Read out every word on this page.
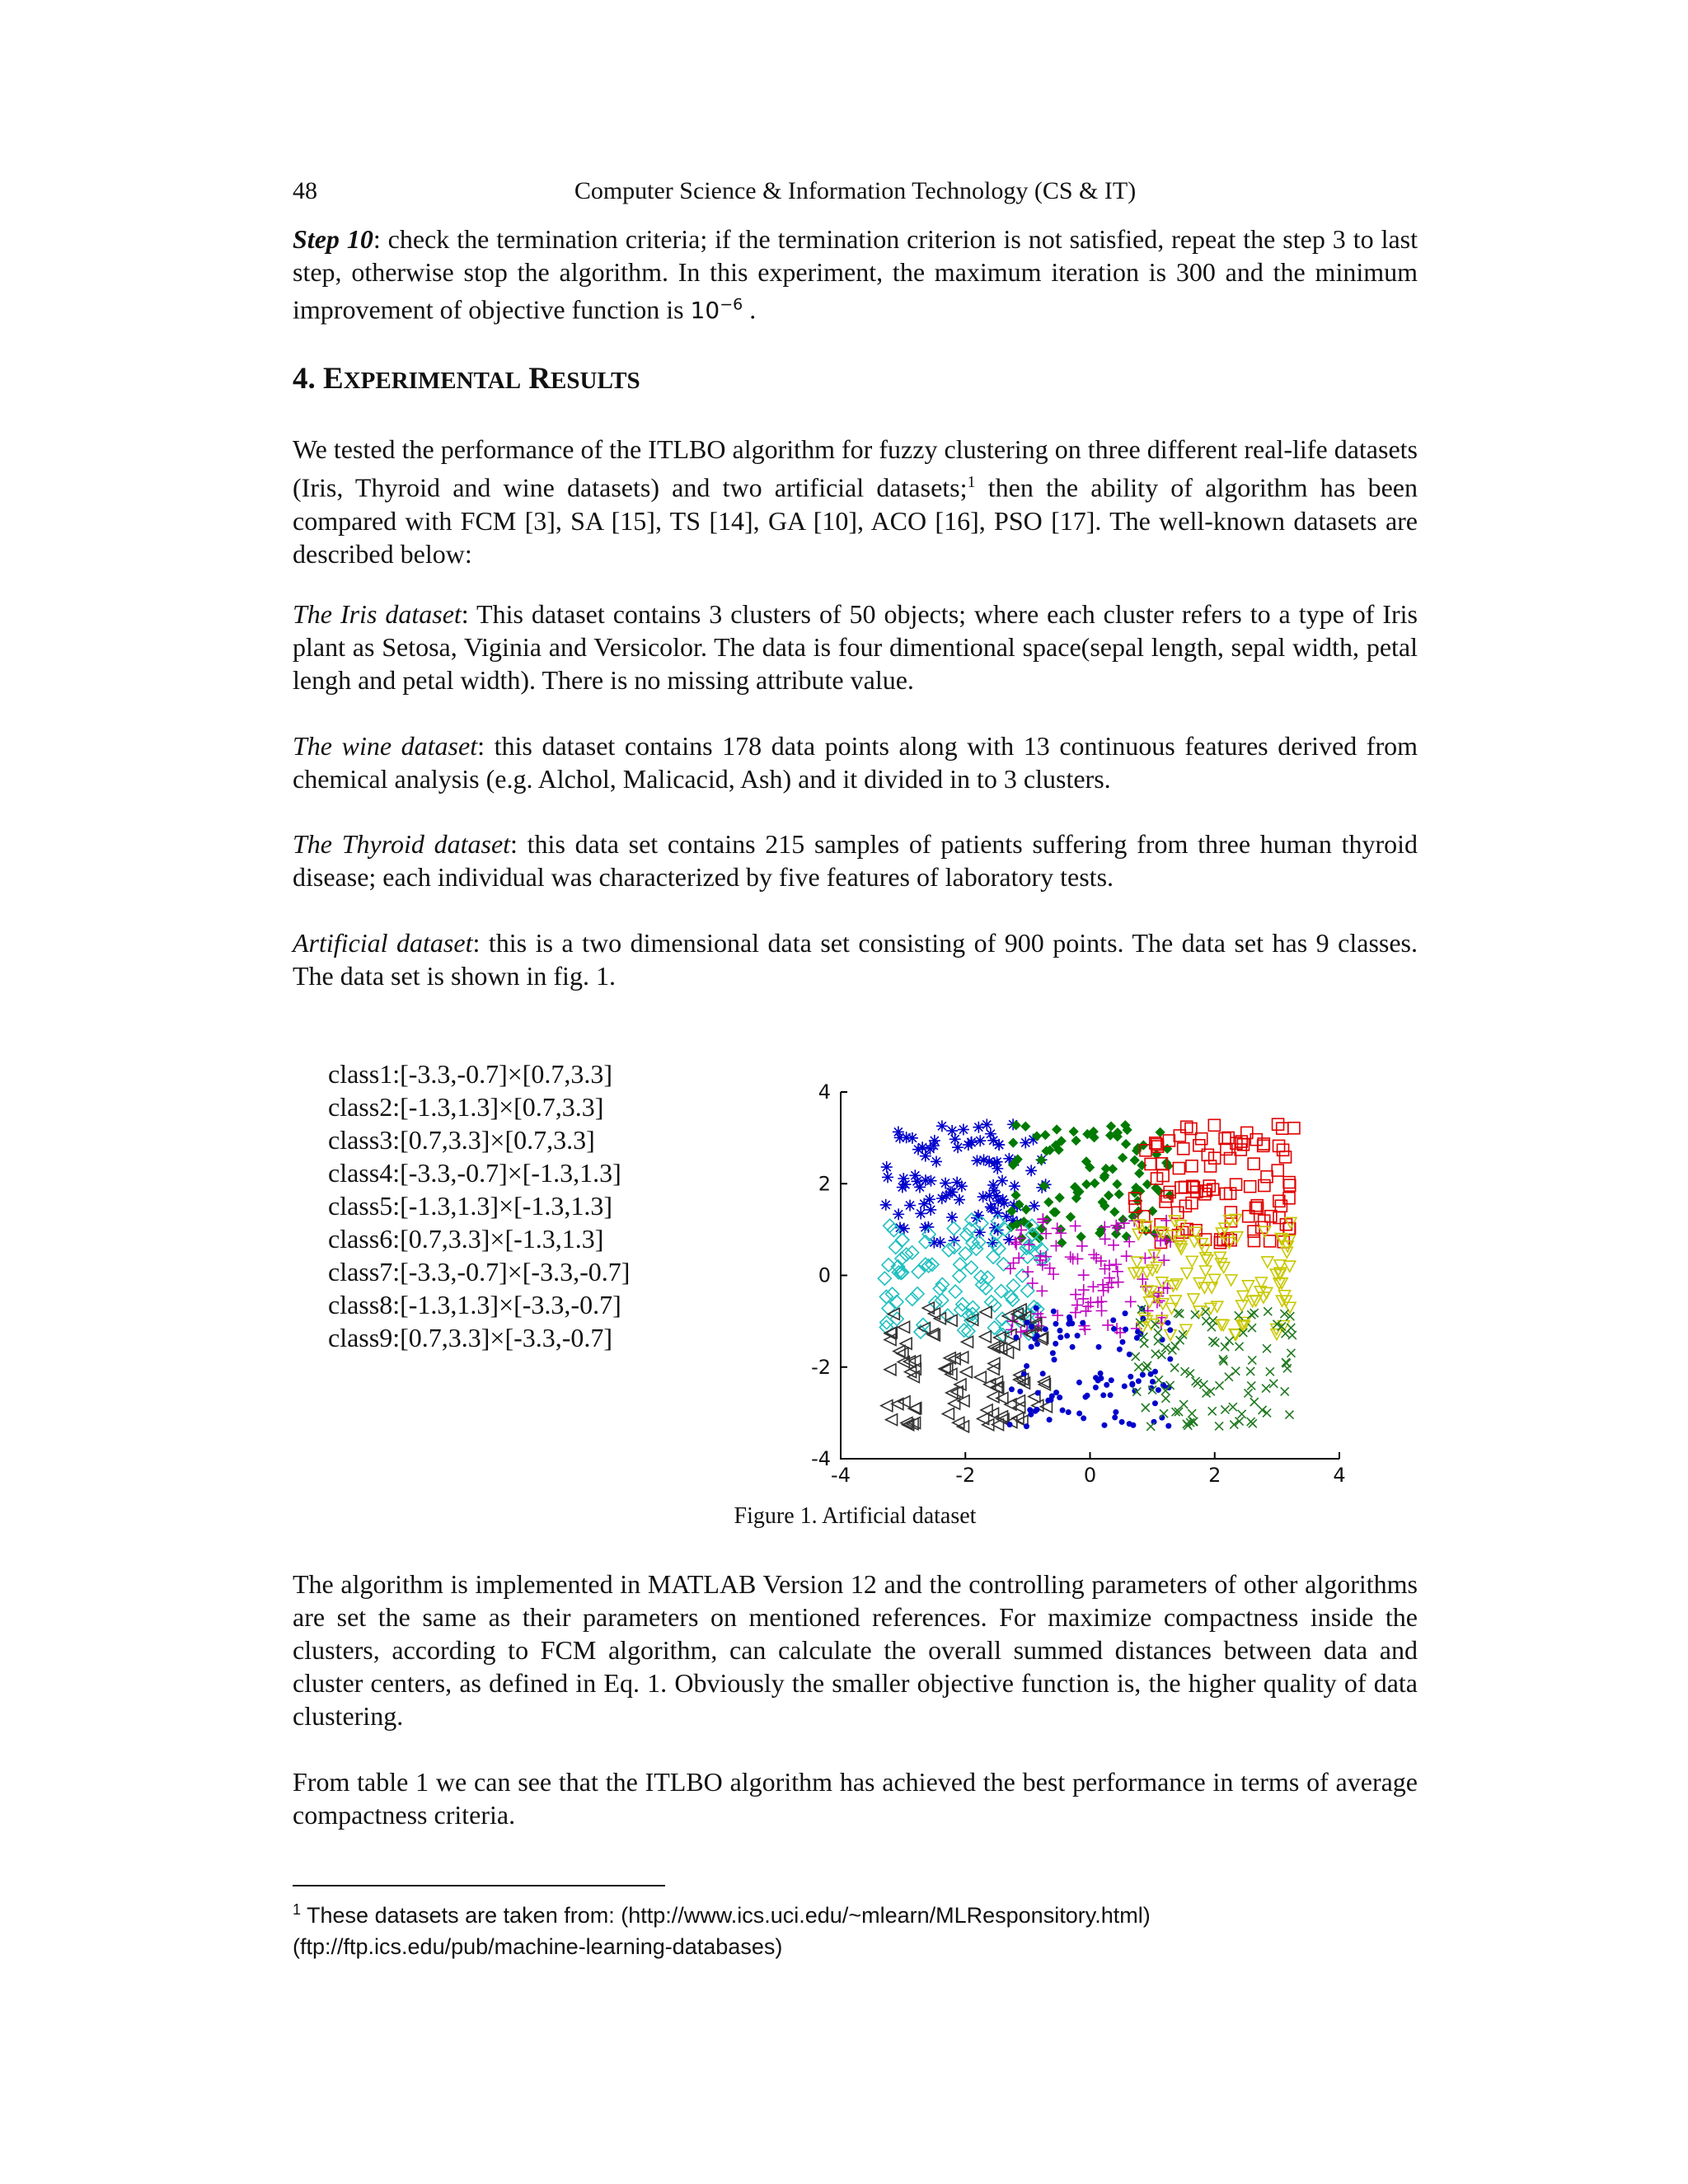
48	Computer Science & Information Technology (CS & IT)
Step 10: check the termination criteria; if the termination criterion is not satisfied, repeat the step 3 to last step, otherwise stop the algorithm. In this experiment, the maximum iteration is 300 and the minimum improvement of objective function is $10^{-6}$ .
4. EXPERIMENTAL RESULTS
We tested the performance of the ITLBO algorithm for fuzzy clustering on three different real-life datasets (Iris, Thyroid and wine datasets) and two artificial datasets;$^1$ then the ability of algorithm has been compared with FCM [3], SA [15], TS [14], GA [10], ACO [16], PSO [17]. The well-known datasets are described below:
The Iris dataset: This dataset contains 3 clusters of 50 objects; where each cluster refers to a type of Iris plant as Setosa, Viginia and Versicolor. The data is four dimentional space(sepal length, sepal width, petal lengh and petal width). There is no missing attribute value.
The wine dataset: this dataset contains 178 data points along with 13 continuous features derived from chemical analysis (e.g. Alchol, Malicacid, Ash) and it divided in to 3 clusters.
The Thyroid dataset: this data set contains 215 samples of patients suffering from three human thyroid disease; each individual was characterized by five features of laboratory tests.
Artificial dataset: this is a two dimensional data set consisting of 900 points. The data set has 9 classes. The data set is shown in fig. 1.
class1:[-3.3,-0.7]×[0.7,3.3]
class2:[-1.3,1.3]×[0.7,3.3]
class3:[0.7,3.3]×[0.7,3.3]
class4:[-3.3,-0.7]×[-1.3,1.3]
class5:[-1.3,1.3]×[-1.3,1.3]
class6:[0.7,3.3]×[-1.3,1.3]
class7:[-3.3,-0.7]×[-3.3,-0.7]
class8:[-1.3,1.3]×[-3.3,-0.7]
class9:[0.7,3.3]×[-3.3,-0.7]
-4	-2	0	2	4
4
2
0
-2
-4
Figure 1. Artificial dataset
The algorithm is implemented in MATLAB Version 12 and the controlling parameters of other algorithms are set the same as their parameters on mentioned references. For maximize compactness inside the clusters, according to FCM algorithm, can calculate the overall summed distances between data and cluster centers, as defined in Eq. 1. Obviously the smaller objective function is, the higher quality of data clustering.
From table 1 we can see that the ITLBO algorithm has achieved the best performance in terms of average compactness criteria.
$^1$ These datasets are taken from: (http://www.ics.uci.edu/~mlearn/MLResponsitory.html)
(ftp://ftp.ics.edu/pub/machine-learning-databases)
